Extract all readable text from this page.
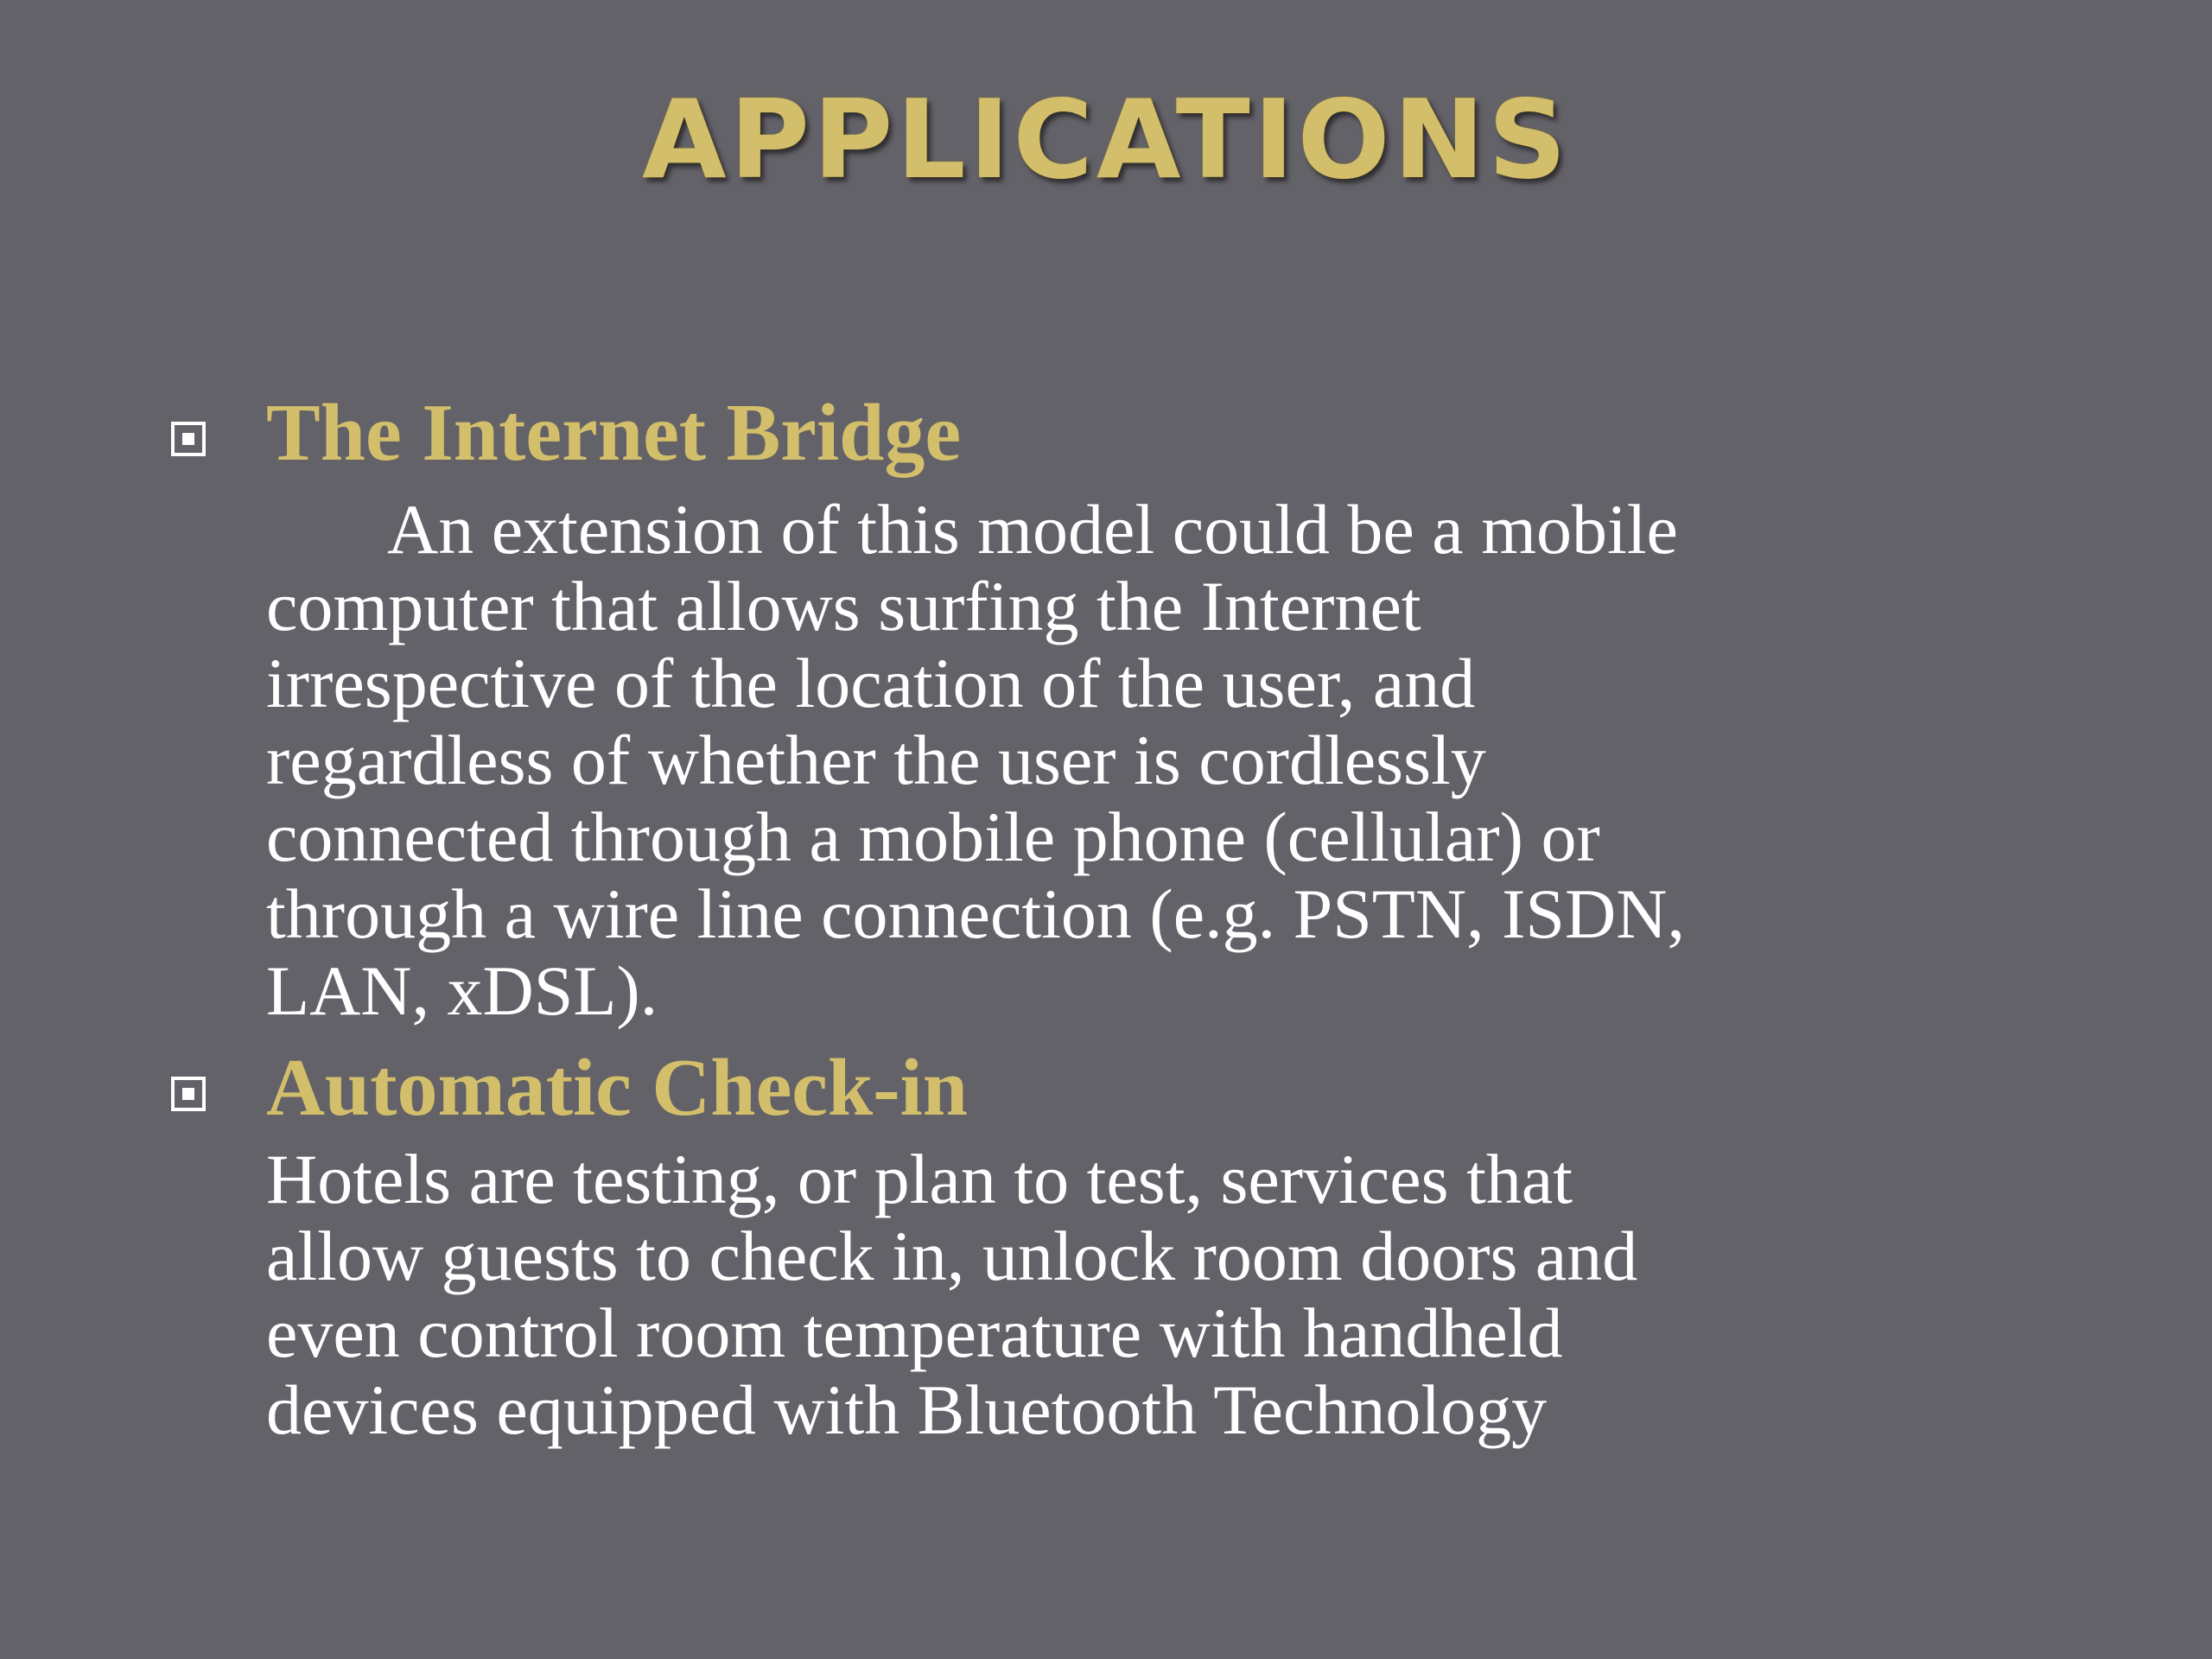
APPLICATIONS
The Internet Bridge
An extension of this model could be a mobile
computer that allows surfing the Internet
irrespective of the location of the user, and
regardless of whether the user is cordlessly
connected through a mobile phone (cellular) or
through a wire line connection (e.g. PSTN, ISDN,
LAN, xDSL).
Automatic Check-in
Hotels are testing, or plan to test, services that
allow guests to check in, unlock room doors and
even control room temperature with handheld
devices equipped with Bluetooth Technology
